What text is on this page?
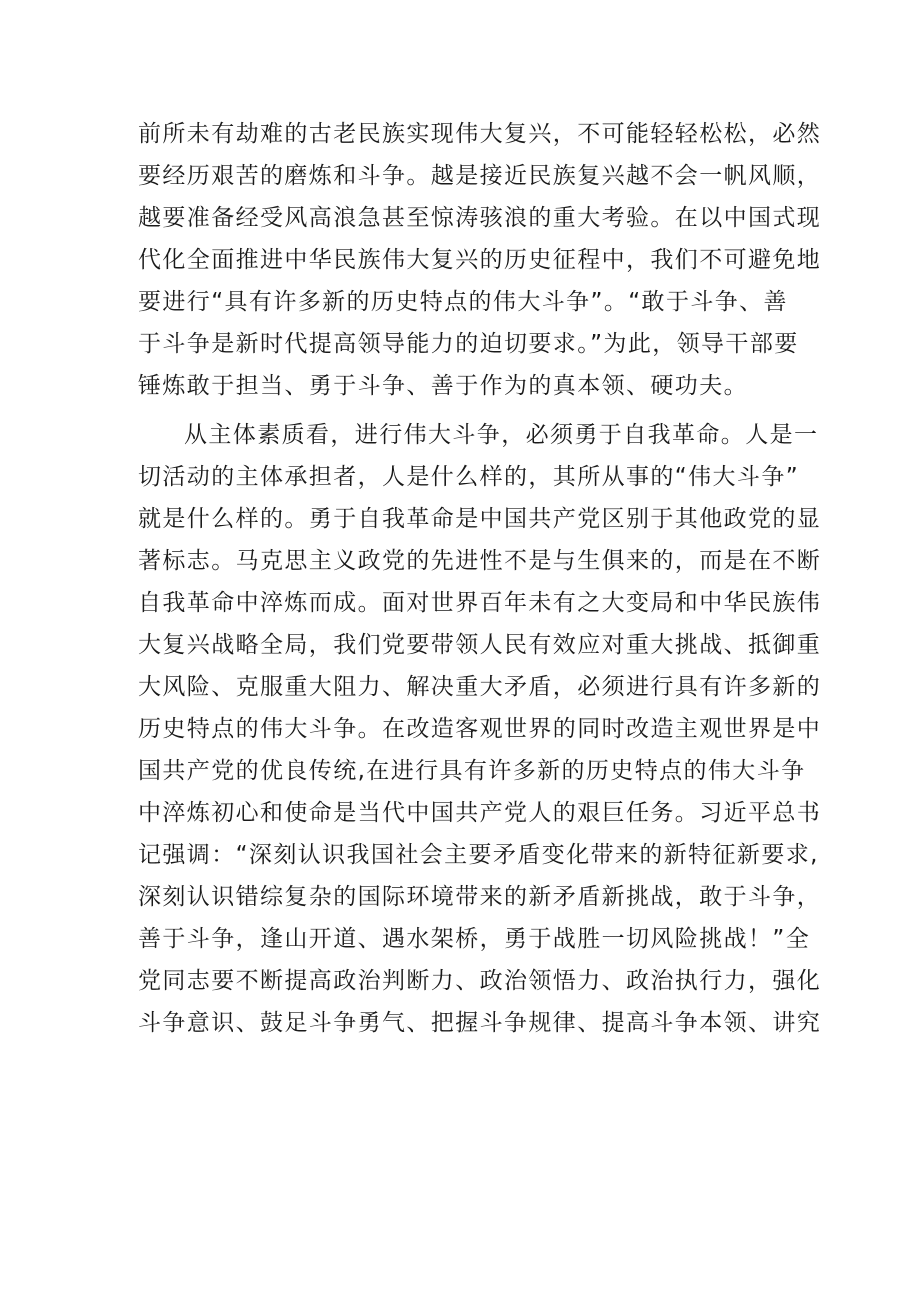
前所未有劫难的古老民族实现伟大复兴，不可能轻轻松松，必然

要经历艰苦的磨炼和斗争。越是接近民族复兴越不会一帆风顺，

越要准备经受风高浪急甚至惊涛骇浪的重大考验。在以中国式现

代化全面推进中华民族伟大复兴的历史征程中，我们不可避免地

要进行“具有许多新的历史特点的伟大斗争”。“敢于斗争、善

于斗争是新时代提高领导能力的迫切要求。”为此，领导干部要

锤炼敢于担当、勇于斗争、善于作为的真本领、硬功夫。

从主体素质看，进行伟大斗争，必须勇于自我革命。人是一

切活动的主体承担者，人是什么样的，其所从事的“伟大斗争”

就是什么样的。勇于自我革命是中国共产党区别于其他政党的显

著标志。马克思主义政党的先进性不是与生俱来的，而是在不断

自我革命中淬炼而成。面对世界百年未有之大变局和中华民族伟

大复兴战略全局，我们党要带领人民有效应对重大挑战、抵御重

大风险、克服重大阻力、解决重大矛盾，必须进行具有许多新的

历史特点的伟大斗争。在改造客观世界的同时改造主观世界是中

国共产党的优良传统,在进行具有许多新的历史特点的伟大斗争

中淬炼初心和使命是当代中国共产党人的艰巨任务。习近平总书

记强调：“深刻认识我国社会主要矛盾变化带来的新特征新要求,

深刻认识错综复杂的国际环境带来的新矛盾新挑战，敢于斗争，

善于斗争，逢山开道、遇水架桥，勇于战胜一切风险挑战！”全

党同志要不断提高政治判断力、政治领悟力、政治执行力，强化

斗争意识、鼓足斗争勇气、把握斗争规律、提高斗争本领、讲究
